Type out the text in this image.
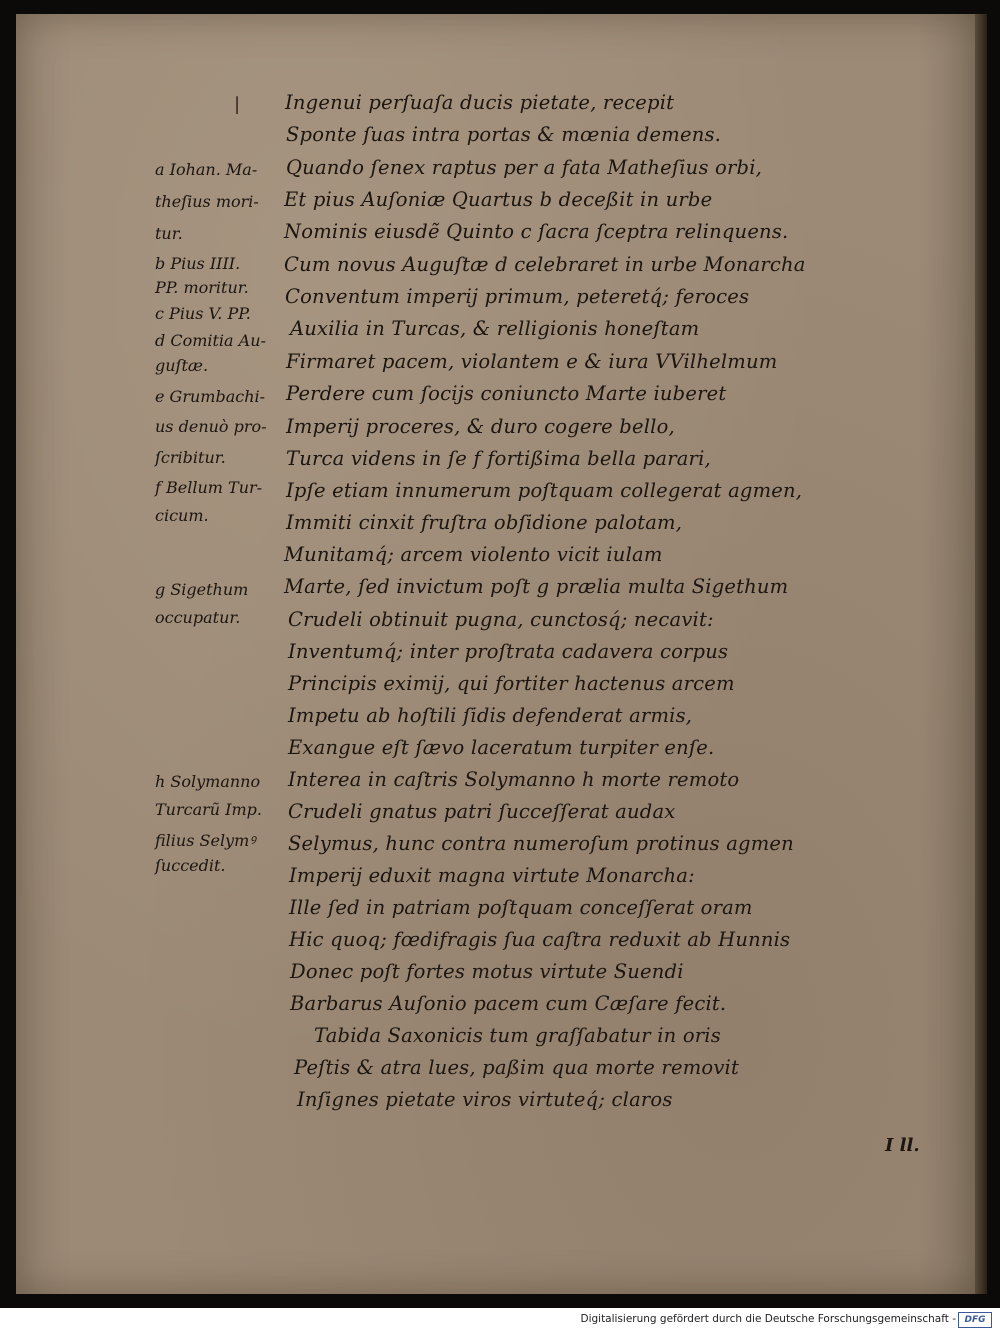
| Ingenui perſuaſa ducis pietate, recepit

Sponte ſuas intra portas & mœnia demens.

Quando ſenex raptus per a fata Matheſius orbi,

Et pius Auſoniæ Quartus b deceßit in urbe

Nominis eiusdẽ Quinto c ſacra ſceptra relinquens.

Cum novus Auguſtæ d celebraret in urbe Monarcha

Conventum imperij primum, peteretq́; feroces

Auxilia in Turcas, & relligionis honeſtam

Firmaret pacem, violantem e & iura VVilhelmum

Perdere cum ſocijs coniuncto Marte iuberet

Imperij proceres, & duro cogere bello,

Turca videns in ſe f fortißima bella parari,

Ipſe etiam innumerum poſtquam collegerat agmen,

Immiti cinxit fruſtra obſidione palotam,

Munitamq́; arcem violento vicit iulam

Marte, ſed invictum poſt g prælia multa Sigethum

Crudeli obtinuit pugna, cunctosq́; necavit:

Inventumq́; inter proſtrata cadavera corpus

Principis eximij, qui fortiter hactenus arcem

Impetu ab hoſtili ſidis defenderat armis,

Exangue eſt ſævo laceratum turpiter enſe.

Interea in caſtris Solymanno h morte remoto

Crudeli gnatus patri ſucceſſerat audax

Selymus, hunc contra numeroſum protinus agmen

Imperij eduxit magna virtute Monarcha:

Ille ſed in patriam poſtquam conceſſerat oram

Hic quoq; fœdifragis ſua caſtra reduxit ab Hunnis

Donec poſt fortes motus virtute Suendi

Barbarus Auſonio pacem cum Cæſare fecit.

Tabida Saxonicis tum graſſabatur in oris

Peſtis & atra lues, paßim qua morte removit

Inſignes pietate viros virtuteq́; claros

a Iohan. Ma-

theſius mori-

tur.

b Pius IIII.

PP. moritur.

c Pius V. PP.

d Comitia Au-

guſtæ.

e Grumbachi-

us denuò pro-

ſcribitur.

f Bellum Tur-

cicum.

g Sigethum

occupatur.

h Solymanno

Turcarũ Imp.

filius Selymꝰ

ſuccedit.

I ll.
Digitalisierung gefördert durch die Deutsche Forschungsgemeinschaft - DFG
